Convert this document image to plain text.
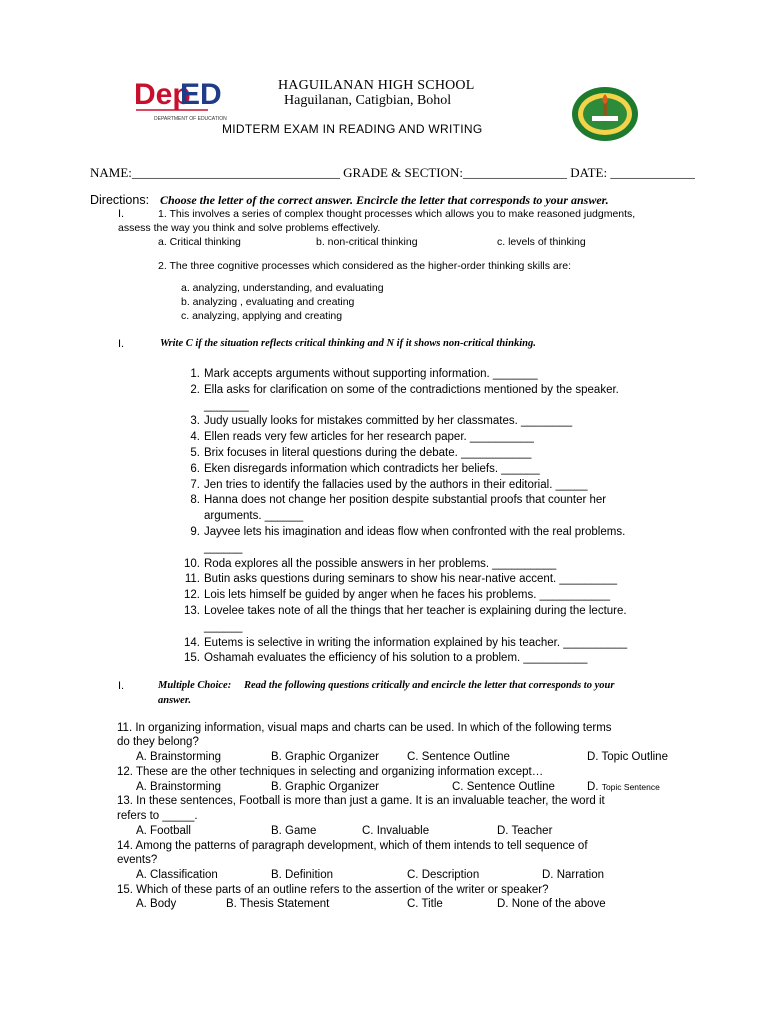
Dep
ED
DEPARTMENT OF EDUCATION
HAGUILANAN HIGH SCHOOL
Haguilanan, Catigbian, Bohol
MIDTERM EXAM IN READING AND WRITING
NAME:________________________________ GRADE & SECTION:________________ DATE: _____________
Directions: Choose the letter of the correct answer. Encircle the letter that corresponds to your answer.
I.	1. This involves a series of complex thought processes which allows you to make reasoned judgments,
assess the way you think and solve problems effectively.
a. Critical thinking	b. non-critical thinking	c. levels of thinking
2. The three cognitive processes which considered as the higher-order thinking skills are:
a. analyzing, understanding, and evaluating
b. analyzing , evaluating and creating
c. analyzing, applying and creating
I.	Write C if the situation reflects critical thinking and N if it shows non-critical thinking.
1. Mark accepts arguments without supporting information. _______
2. Ella asks for clarification on some of the contradictions mentioned by the speaker.
_______
3. Judy usually looks for mistakes committed by her classmates. ________
4. Ellen reads very few articles for her research paper. __________
5. Brix focuses in literal questions during the debate. ___________
6. Eken disregards information which contradicts her beliefs. ______
7. Jen tries to identify the fallacies used by the authors in their editorial. _____
8. Hanna does not change her position despite substantial proofs that counter her
arguments. ______
9. Jayvee lets his imagination and ideas flow when confronted with the real problems.
______
10. Roda explores all the possible answers in her problems. __________
11. Butin asks questions during seminars to show his near-native accent. _________
12. Lois lets himself be guided by anger when he faces his problems. ___________
13. Lovelee takes note of all the things that her teacher is explaining during the lecture.
______
14. Eutems is selective in writing the information explained by his teacher. __________
15. Oshamah evaluates the efficiency of his solution to a problem. __________
I.	Multiple Choice: Read the following questions critically and encircle the letter that corresponds to your
answer.
11. In organizing information, visual maps and charts can be used. In which of the following terms
do they belong?
A. Brainstorming	B. Graphic Organizer C. Sentence Outline	D. Topic Outline
12. These are the other techniques in selecting and organizing information except…
A. Brainstorming	B. Graphic Organizer	C. Sentence Outline	D. Topic Sentence
13. In these sentences, Football is more than just a game. It is an invaluable teacher, the word it
refers to _____.
A. Football	B. Game	C. Invaluable	D. Teacher
14. Among the patterns of paragraph development, which of them intends to tell sequence of
events?
A. Classification	B. Definition	C. Description	D. Narration
15. Which of these parts of an outline refers to the assertion of the writer or speaker?
A. Body	B. Thesis Statement	C. Title	D. None of the above
